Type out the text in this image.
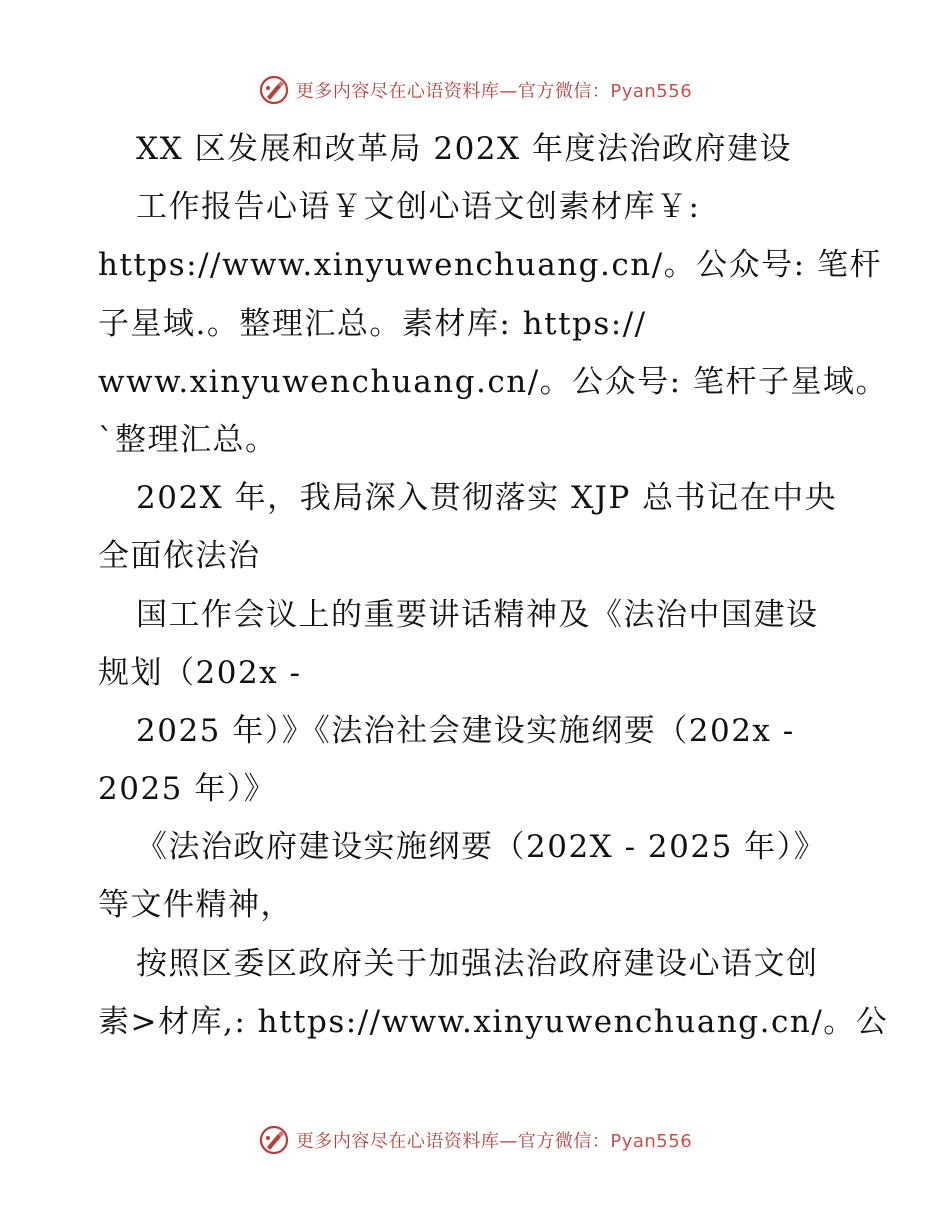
更多内容尽在心语资料库—官方微信：Pyan556
XX 区发展和改革局 202X 年度法治政府建设
工作报告心语￥文创心语文创素材库￥:
https://www.xinyuwenchuang.cn/。公众号: 笔杆
子星域.。整理汇总。素材库: https://
www.xinyuwenchuang.cn/。公众号: 笔杆子星域。
`整理汇总。
202X 年，我局深入贯彻落实 XJP 总书记在中央
全面依法治
国工作会议上的重要讲话精神及《法治中国建设
规划（202x -
2025 年）》《法治社会建设实施纲要（202x -
2025 年）》
《法治政府建设实施纲要（202X - 2025 年）》
等文件精神，
按照区委区政府关于加强法治政府建设心语文创
素>材库,: https://www.xinyuwenchuang.cn/。公
更多内容尽在心语资料库—官方微信：Pyan556
